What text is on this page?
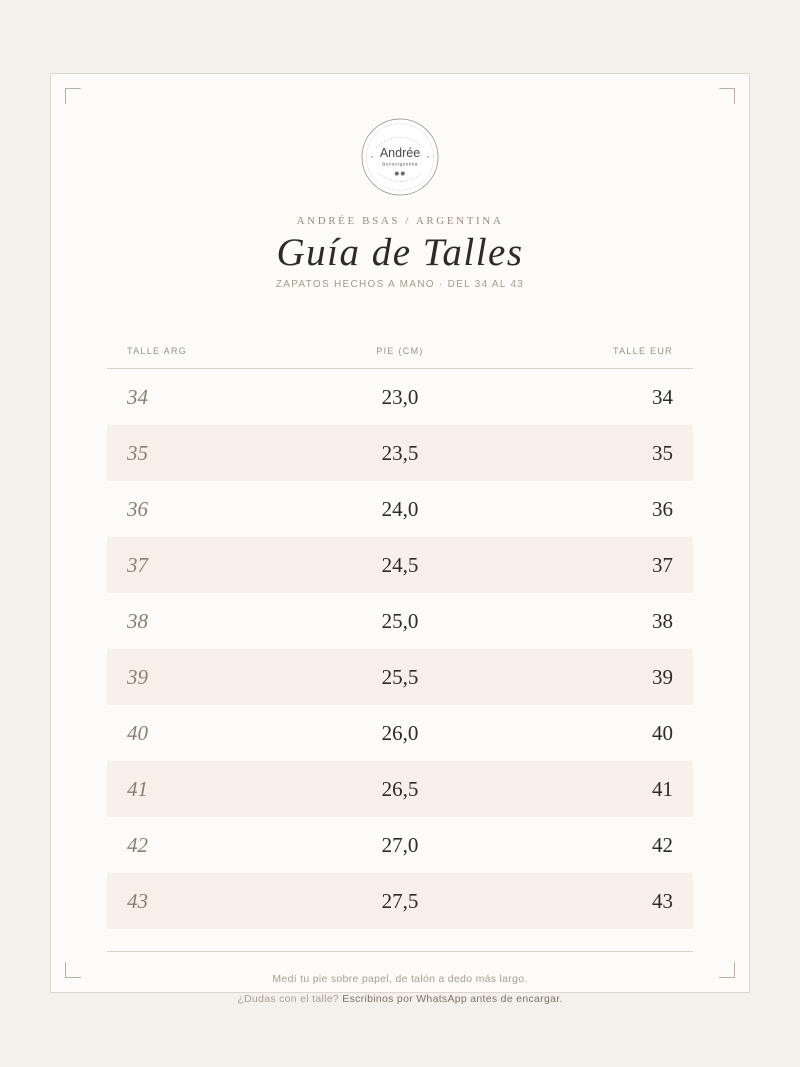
Andrée
BsAsArgentina
ANDRÉE BSAS / ARGENTINA
Guía de Talles
ZAPATOS HECHOS A MANO · DEL 34 AL 43
TALLE ARG	PIE (CM)	TALLE EUR
34	23,0	34
35	23,5	35
36	24,0	36
37	24,5	37
38	25,0	38
39	25,5	39
40	26,0	40
41	26,5	41
42	27,0	42
43	27,5	43
Medí tu pie sobre papel, de talón a dedo más largo.
¿Dudas con el talle? Escribinos por WhatsApp antes de encargar.
